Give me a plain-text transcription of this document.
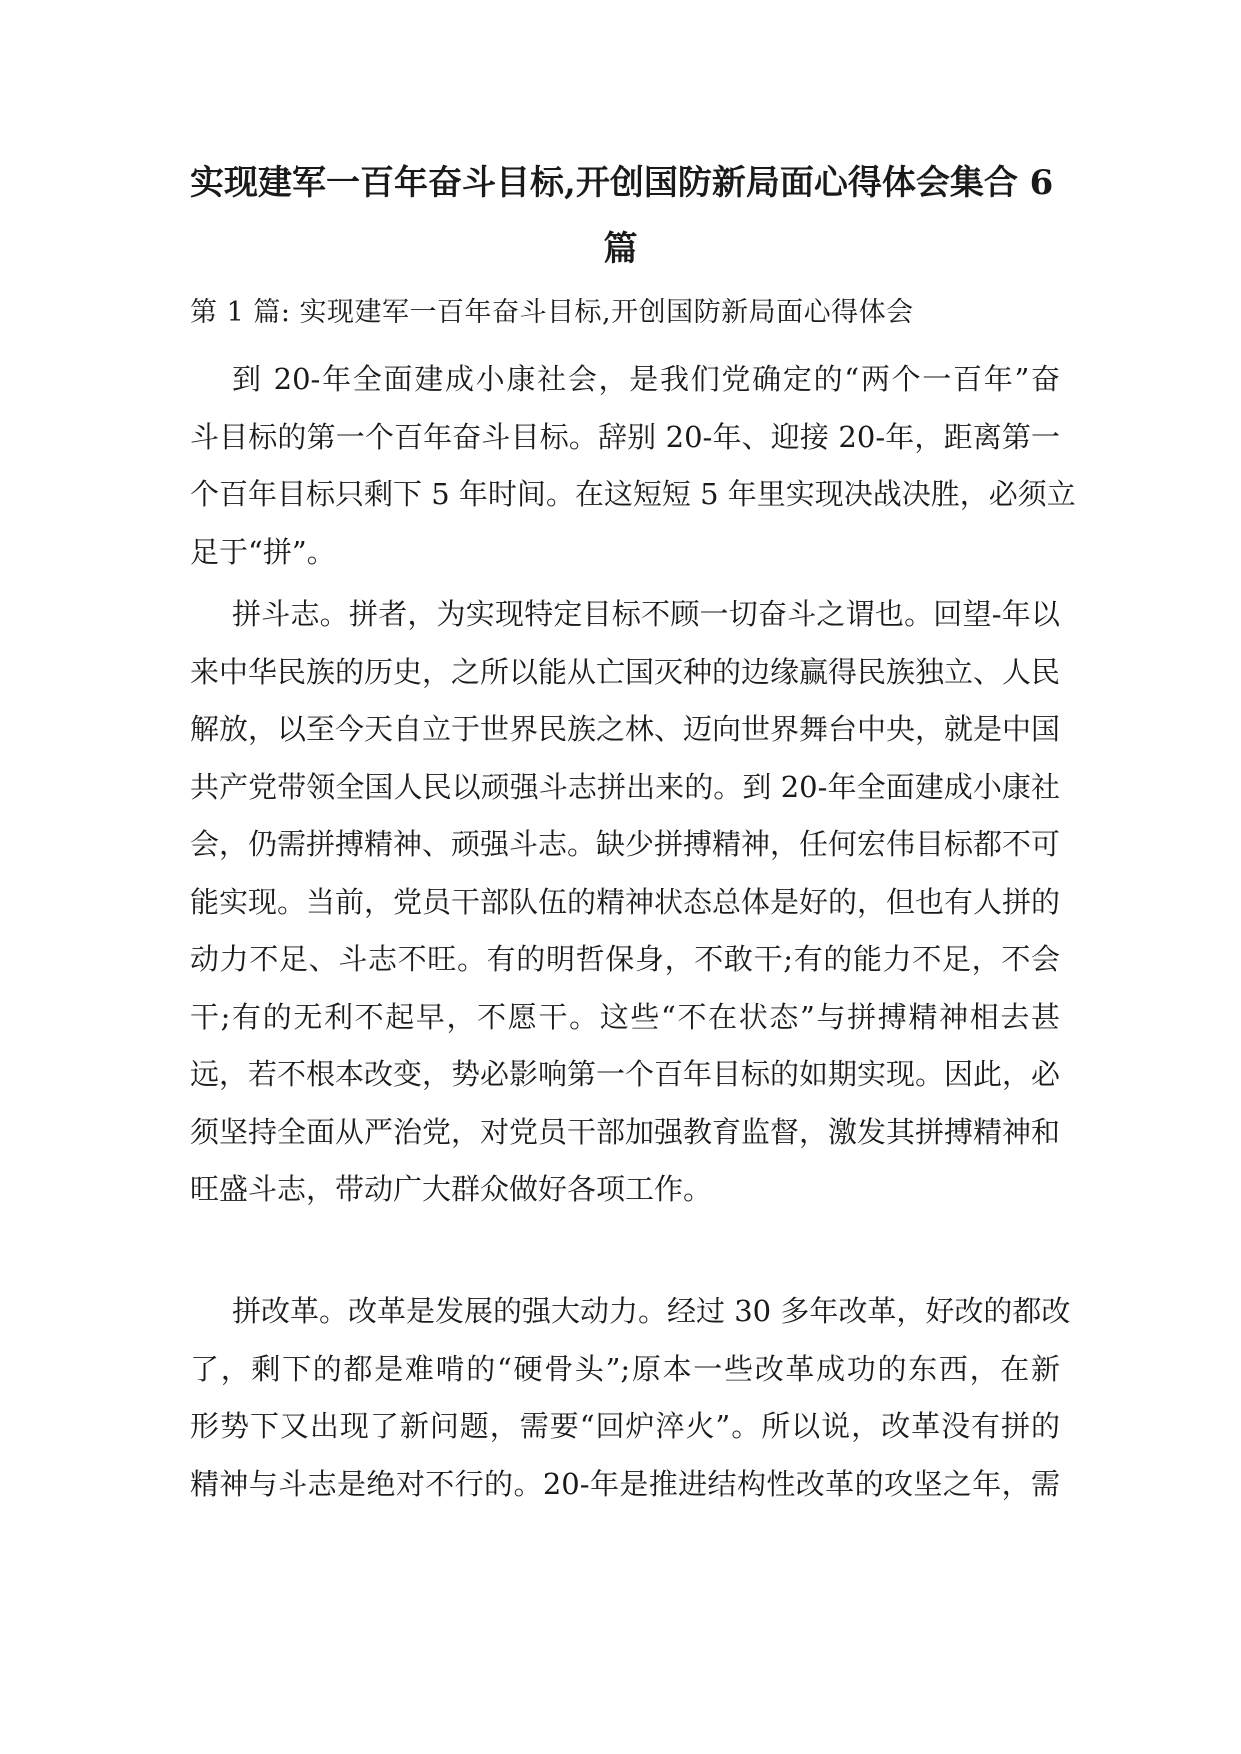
实现建军一百年奋斗目标,开创国防新局面心得体会集合 6
篇
第 1 篇: 实现建军一百年奋斗目标,开创国防新局面心得体会
到 20-年全面建成小康社会，是我们党确定的“两个一百年”奋
斗目标的第一个百年奋斗目标。辞别 20-年、迎接 20-年，距离第一
个百年目标只剩下 5 年时间。在这短短 5 年里实现决战决胜，必须立
足于“拼”。
拼斗志。拼者，为实现特定目标不顾一切奋斗之谓也。回望-年以
来中华民族的历史，之所以能从亡国灭种的边缘赢得民族独立、人民
解放，以至今天自立于世界民族之林、迈向世界舞台中央，就是中国
共产党带领全国人民以顽强斗志拼出来的。到 20-年全面建成小康社
会，仍需拼搏精神、顽强斗志。缺少拼搏精神，任何宏伟目标都不可
能实现。当前，党员干部队伍的精神状态总体是好的，但也有人拼的
动力不足、斗志不旺。有的明哲保身，不敢干;有的能力不足，不会
干;有的无利不起早，不愿干。这些“不在状态”与拼搏精神相去甚
远，若不根本改变，势必影响第一个百年目标的如期实现。因此，必
须坚持全面从严治党，对党员干部加强教育监督，激发其拼搏精神和
旺盛斗志，带动广大群众做好各项工作。
拼改革。改革是发展的强大动力。经过 30 多年改革，好改的都改
了，剩下的都是难啃的“硬骨头”;原本一些改革成功的东西，在新
形势下又出现了新问题，需要“回炉淬火”。所以说，改革没有拼的
精神与斗志是绝对不行的。20-年是推进结构性改革的攻坚之年，需
